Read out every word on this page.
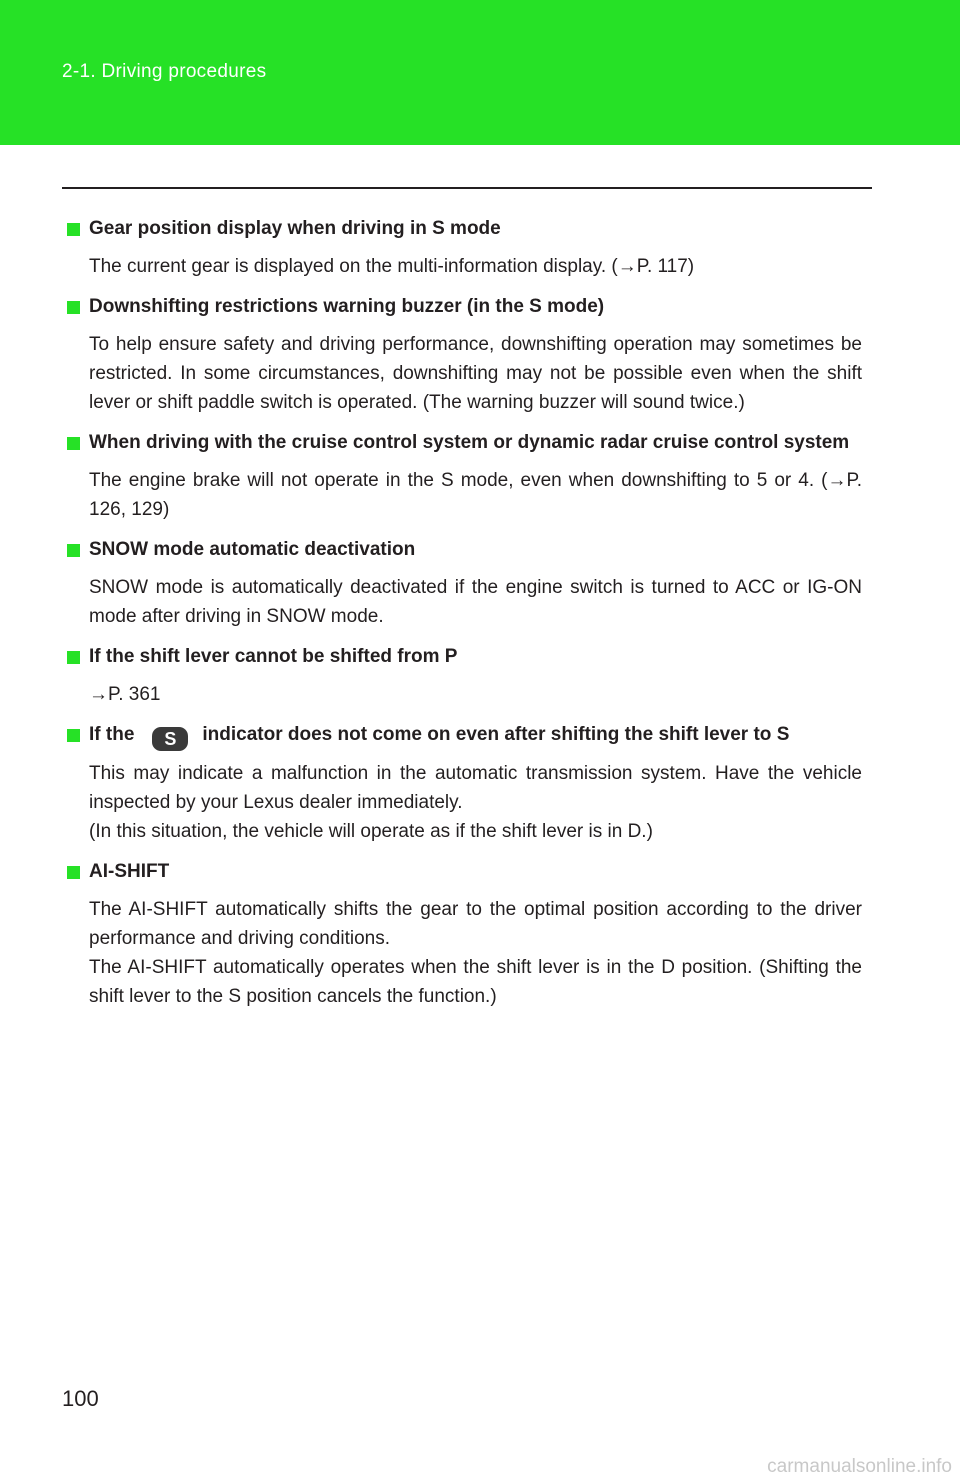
2-1. Driving procedures
Gear position display when driving in S mode

The current gear is displayed on the multi-information display. (→P. 117)

Downshifting restrictions warning buzzer (in the S mode)

To help ensure safety and driving performance, downshifting operation may sometimes be restricted. In some circumstances, downshifting may not be possible even when the shift lever or shift paddle switch is operated. (The warning buzzer will sound twice.)

When driving with the cruise control system or dynamic radar cruise control system

The engine brake will not operate in the S mode, even when downshifting to 5 or 4. (→P. 126, 129)

SNOW mode automatic deactivation

SNOW mode is automatically deactivated if the engine switch is turned to ACC or IG-ON mode after driving in SNOW mode.

If the shift lever cannot be shifted from P

→P. 361

If the S indicator does not come on even after shifting the shift lever to S

This may indicate a malfunction in the automatic transmission system. Have the vehicle inspected by your Lexus dealer immediately.

(In this situation, the vehicle will operate as if the shift lever is in D.)

AI-SHIFT

The AI-SHIFT automatically shifts the gear to the optimal position according to the driver performance and driving conditions.

The AI-SHIFT automatically operates when the shift lever is in the D position. (Shifting the shift lever to the S position cancels the function.)

100
carmanualsonline.info
